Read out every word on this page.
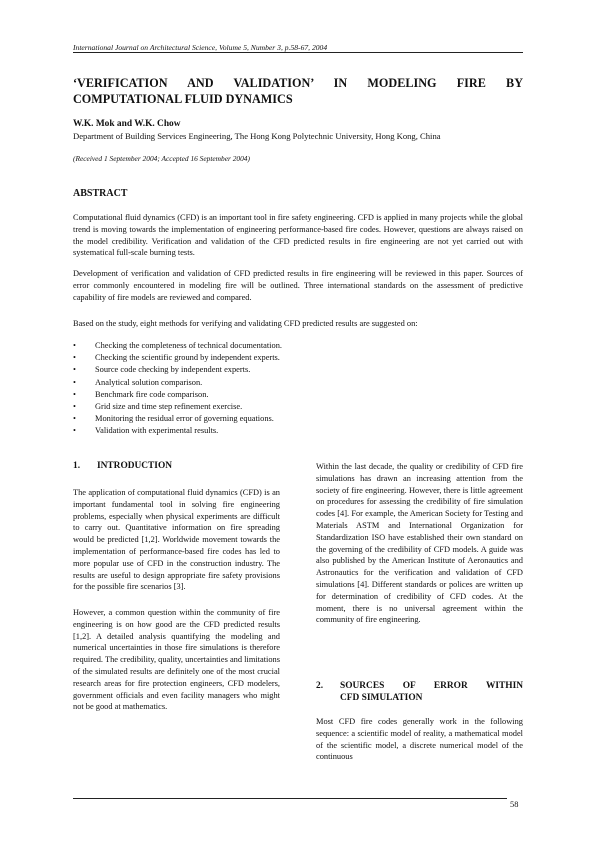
International Journal on Architectural Science, Volume 5, Number 3, p.58-67, 2004
‘VERIFICATION AND VALIDATION’ IN MODELING FIRE BY
COMPUTATIONAL FLUID DYNAMICS
W.K. Mok and W.K. Chow
Department of Building Services Engineering, The Hong Kong Polytechnic University, Hong Kong, China
(Received 1 September 2004; Accepted 16 September 2004)
ABSTRACT

Computational fluid dynamics (CFD) is an important tool in fire safety engineering. CFD is applied in many projects while the global trend is moving towards the implementation of engineering performance-based fire codes. However, questions are always raised on the model credibility. Verification and validation of the CFD predicted results in fire engineering are not yet carried out with systematical full-scale burning tests.

Development of verification and validation of CFD predicted results in fire engineering will be reviewed in this paper. Sources of error commonly encountered in modeling fire will be outlined. Three international standards on the assessment of predictive capability of fire models are reviewed and compared.

Based on the study, eight methods for verifying and validating CFD predicted results are suggested on:

• Checking the completeness of technical documentation.
• Checking the scientific ground by independent experts.
• Source code checking by independent experts.
• Analytical solution comparison.
• Benchmark fire code comparison.
• Grid size and time step refinement exercise.
• Monitoring the residual error of governing equations.
• Validation with experimental results.
1. INTRODUCTION

The application of computational fluid dynamics (CFD) is an important fundamental tool in solving fire engineering problems, especially when physical experiments are difficult to carry out. Quantitative information on fire spreading would be predicted [1,2]. Worldwide movement towards the implementation of performance-based fire codes has led to more popular use of CFD in the construction industry. The results are useful to design appropriate fire safety provisions for the possible fire scenarios [3].

However, a common question within the community of fire engineering is on how good are the CFD predicted results [1,2]. A detailed analysis quantifying the modeling and numerical uncertainties in those fire simulations is therefore required. The credibility, quality, uncertainties and limitations of the simulated results are definitely one of the most crucial research areas for fire protection engineers, CFD modelers, government officials and even facility managers who might not be good at mathematics.

Within the last decade, the quality or credibility of CFD fire simulations has drawn an increasing attention from the society of fire engineering. However, there is little agreement on procedures for assessing the credibility of fire simulation codes [4]. For example, the American Society for Testing and Materials ASTM and International Organization for Standardization ISO have established their own standard on the governing of the credibility of CFD models. A guide was also published by the American Institute of Aeronautics and Astronautics for the verification and validation of CFD simulations [4]. Different standards or polices are written up for determination of credibility of CFD codes. At the moment, there is no universal agreement within the community of fire engineering.

2. SOURCES OF ERROR WITHIN
CFD SIMULATION

Most CFD fire codes generally work in the following sequence: a scientific model of reality, a mathematical model of the scientific model, a discrete numerical model of the continuous

58
